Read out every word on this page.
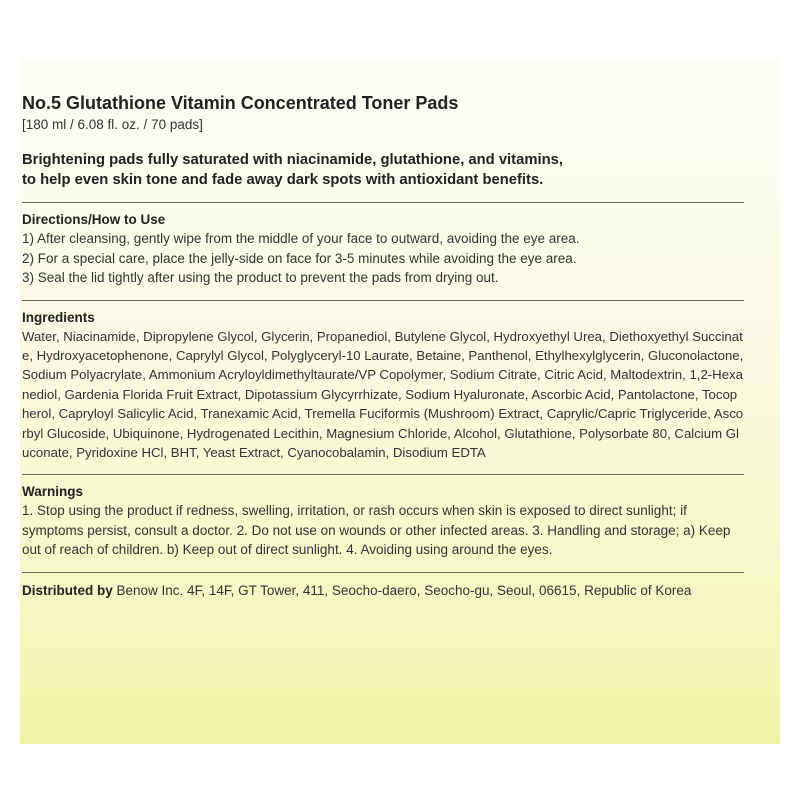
No.5 Glutathione Vitamin Concentrated Toner Pads

[180 ml / 6.08 fl. oz. / 70 pads]

Brightening pads fully saturated with niacinamide, glutathione, and vitamins,
to help even skin tone and fade away dark spots with antioxidant benefits.

Directions/How to Use

1) After cleansing, gently wipe from the middle of your face to outward, avoiding the eye area.

2) For a special care, place the jelly-side on face for 3-5 minutes while avoiding the eye area.

3) Seal the lid tightly after using the product to prevent the pads from drying out.

Ingredients

Water, Niacinamide, Dipropylene Glycol, Glycerin, Propanediol, Butylene Glycol, Hydroxyethyl Urea, Diethoxyethyl Succinate, Hydroxyacetophenone, Caprylyl Glycol, Polyglyceryl-10 Laurate, Betaine, Panthenol, Ethylhexylglycerin, Gluconolactone, Sodium Polyacrylate, Ammonium Acryloyldimethyltaurate/VP Copolymer, Sodium Citrate, Citric Acid, Maltodextrin, 1,2-Hexanediol, Gardenia Florida Fruit Extract, Dipotassium Glycyrrhizate, Sodium Hyaluronate, Ascorbic Acid, Pantolactone, Tocopherol, Capryloyl Salicylic Acid, Tranexamic Acid, Tremella Fuciformis (Mushroom) Extract, Caprylic/Capric Triglyceride, Ascorbyl Glucoside, Ubiquinone, Hydrogenated Lecithin, Magnesium Chloride, Alcohol, Glutathione, Polysorbate 80, Calcium Gluconate, Pyridoxine HCl, BHT, Yeast Extract, Cyanocobalamin, Disodium EDTA

Warnings

1. Stop using the product if redness, swelling, irritation, or rash occurs when skin is exposed to direct sunlight; if symptoms persist, consult a doctor. 2. Do not use on wounds or other infected areas. 3. Handling and storage; a) Keep out of reach of children. b) Keep out of direct sunlight. 4. Avoiding using around the eyes.

Distributed by Benow Inc. 4F, 14F, GT Tower, 411, Seocho-daero, Seocho-gu, Seoul, 06615, Republic of Korea
